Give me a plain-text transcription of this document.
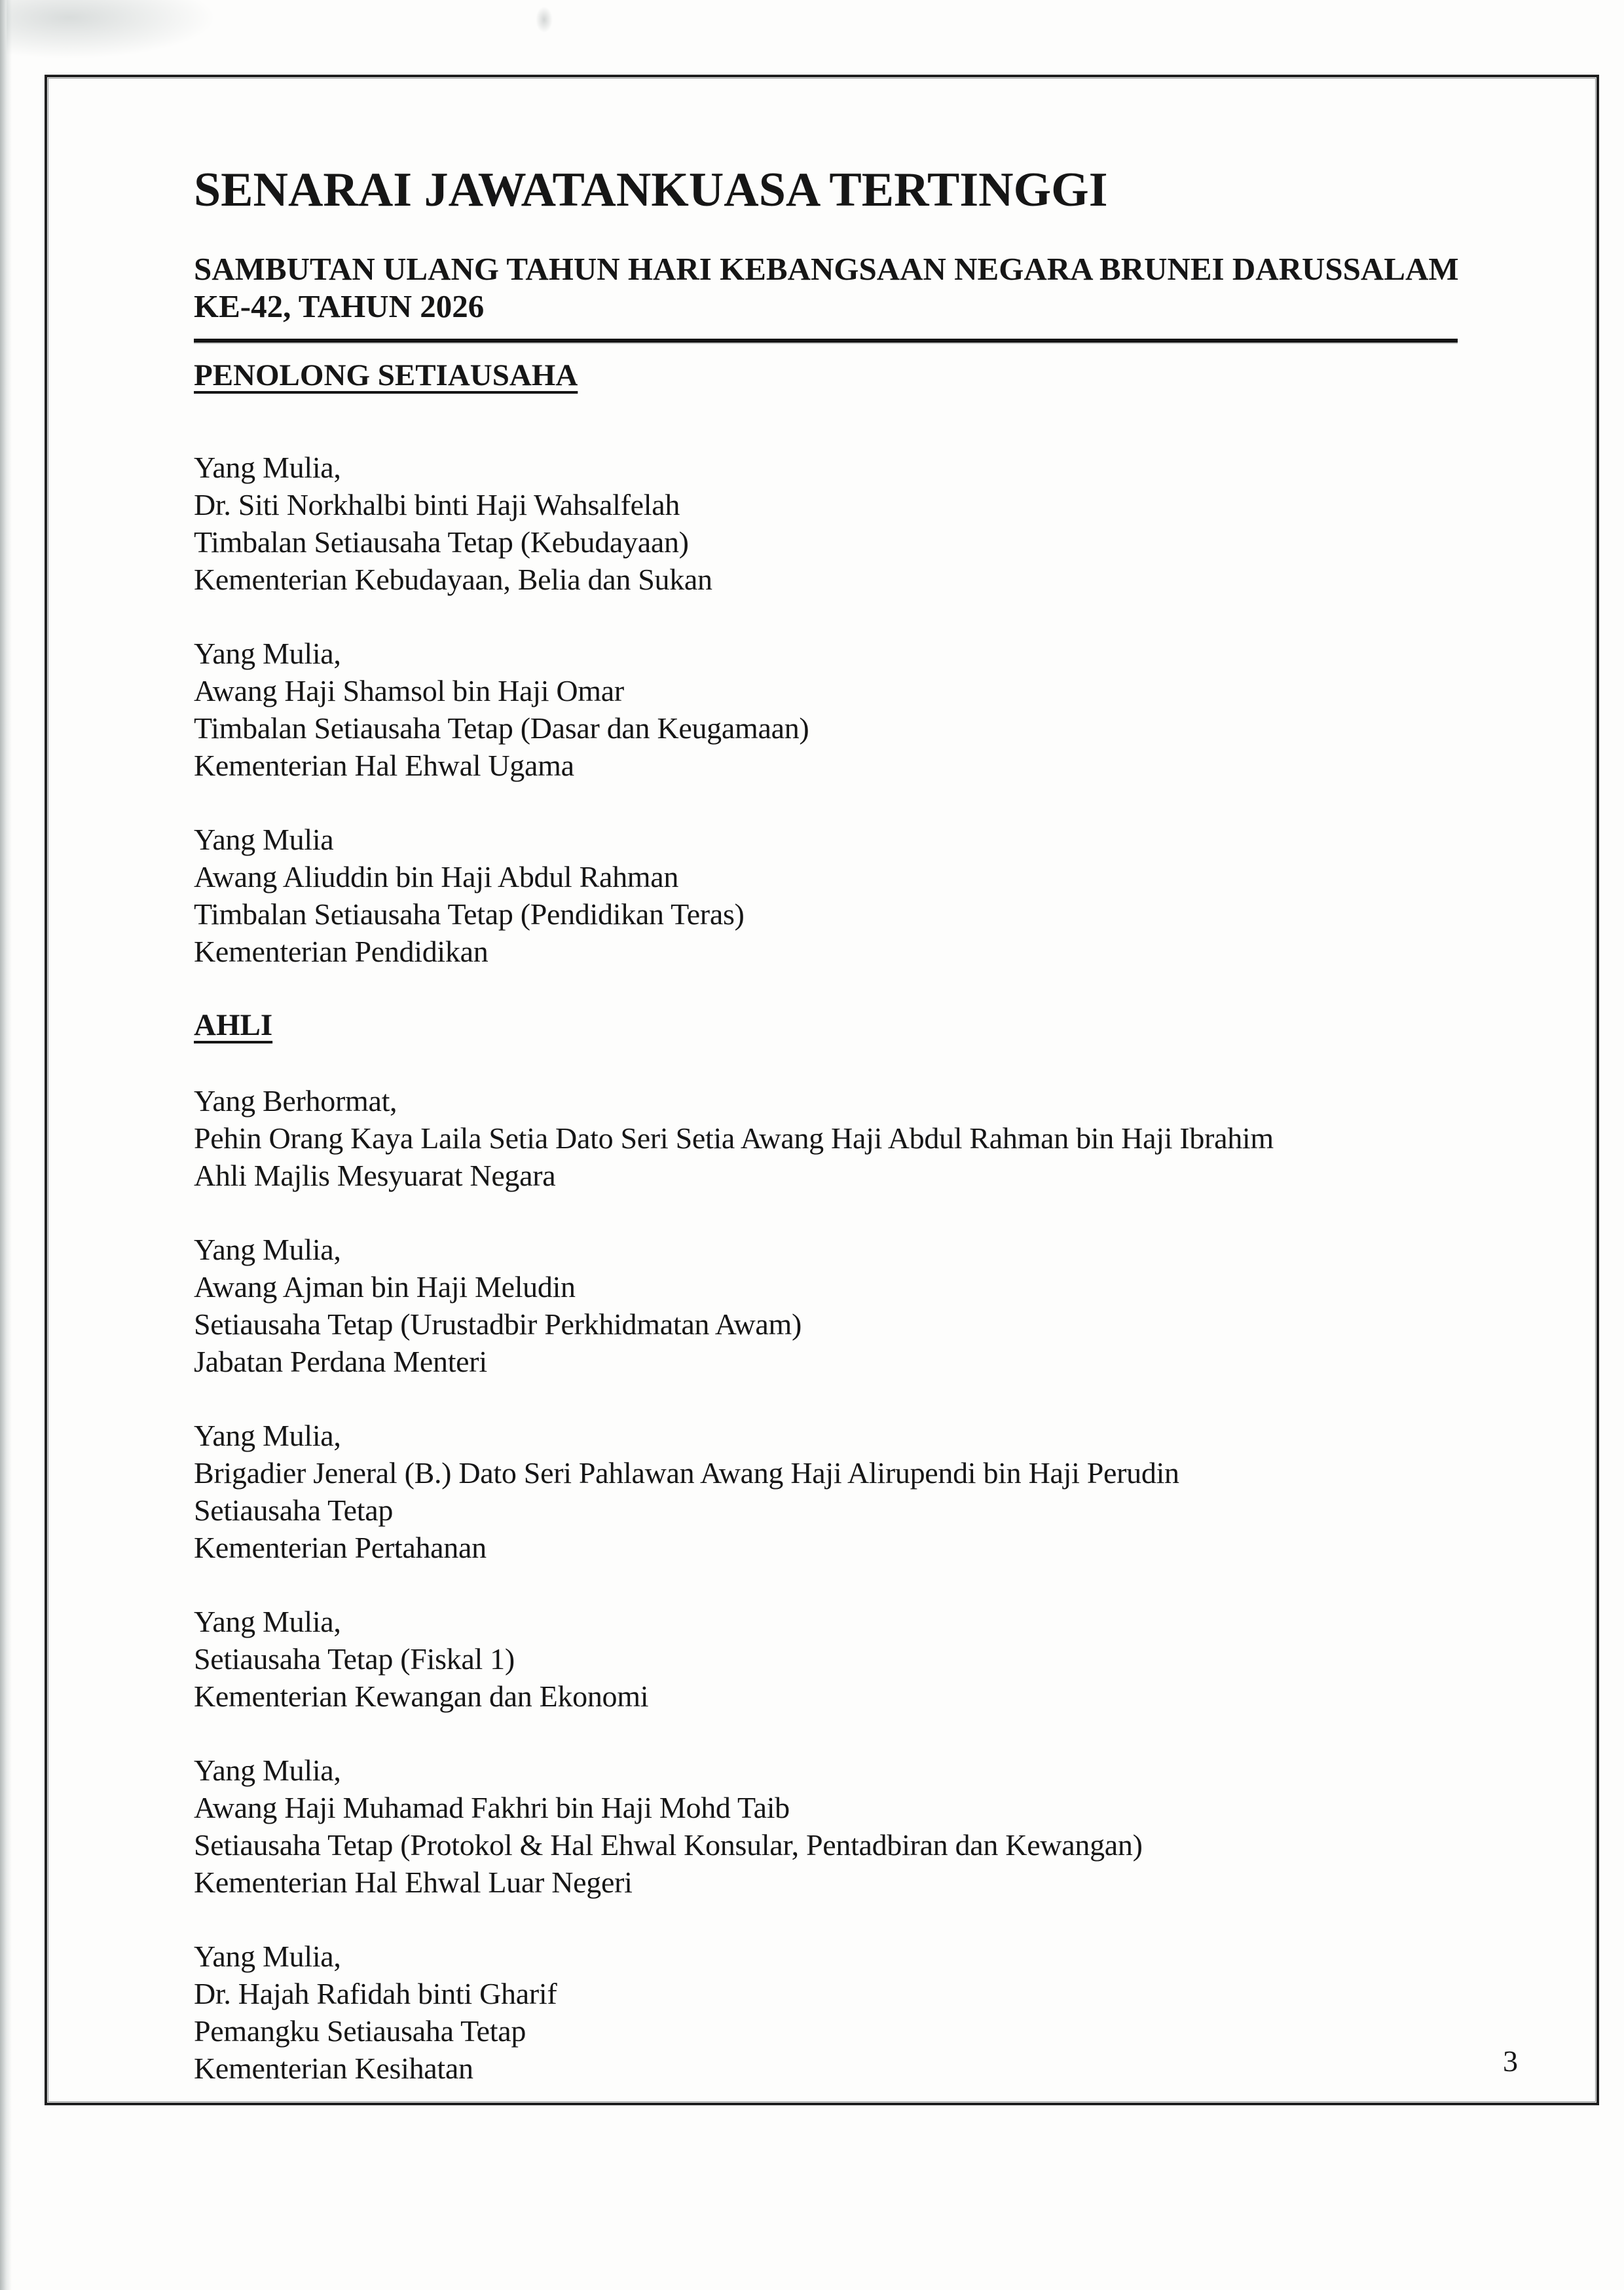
SENARAI JAWATANKUASA TERTINGGI

SAMBUTAN ULANG TAHUN HARI KEBANGSAAN NEGARA BRUNEI DARUSSALAM

KE-42, TAHUN 2026

PENOLONG SETIAUSAHA

Yang Mulia,

Dr. Siti Norkhalbi binti Haji Wahsalfelah

Timbalan Setiausaha Tetap (Kebudayaan)

Kementerian Kebudayaan, Belia dan Sukan

Yang Mulia,

Awang Haji Shamsol bin Haji Omar

Timbalan Setiausaha Tetap (Dasar dan Keugamaan)

Kementerian Hal Ehwal Ugama

Yang Mulia

Awang Aliuddin bin Haji Abdul Rahman

Timbalan Setiausaha Tetap (Pendidikan Teras)

Kementerian Pendidikan

AHLI

Yang Berhormat,

Pehin Orang Kaya Laila Setia Dato Seri Setia Awang Haji Abdul Rahman bin Haji Ibrahim

Ahli Majlis Mesyuarat Negara

Yang Mulia,

Awang Ajman bin Haji Meludin

Setiausaha Tetap (Urustadbir Perkhidmatan Awam)

Jabatan Perdana Menteri

Yang Mulia,

Brigadier Jeneral (B.) Dato Seri Pahlawan Awang Haji Alirupendi bin Haji Perudin

Setiausaha Tetap

Kementerian Pertahanan

Yang Mulia,

Setiausaha Tetap (Fiskal 1)

Kementerian Kewangan dan Ekonomi

Yang Mulia,

Awang Haji Muhamad Fakhri bin Haji Mohd Taib

Setiausaha Tetap (Protokol & Hal Ehwal Konsular, Pentadbiran dan Kewangan)

Kementerian Hal Ehwal Luar Negeri

Yang Mulia,

Dr. Hajah Rafidah binti Gharif

Pemangku Setiausaha Tetap

Kementerian Kesihatan	3
